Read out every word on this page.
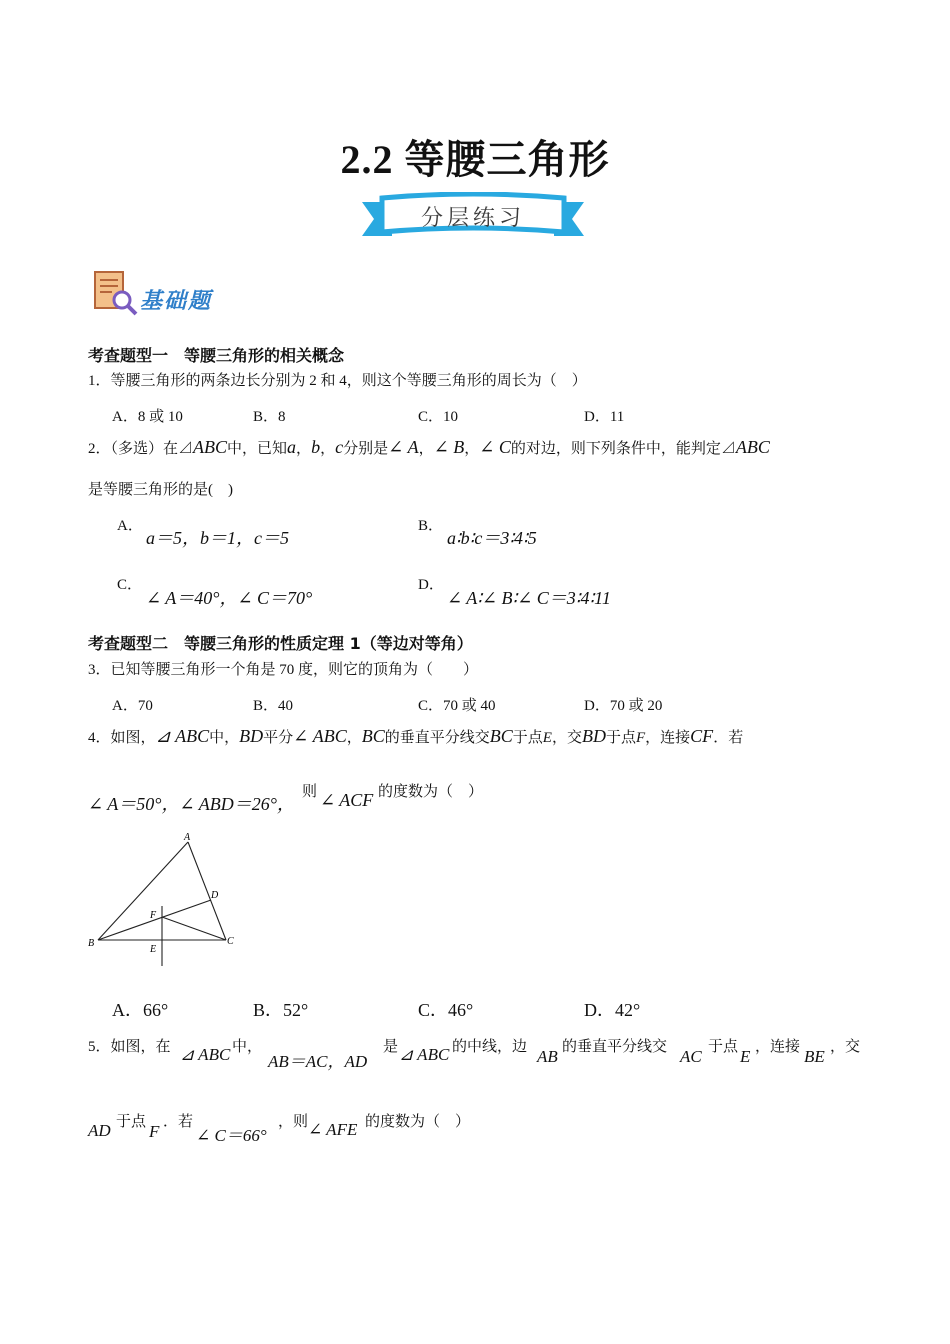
2.2 等腰三角形
分层练习
基础题
考查题型一　等腰三角形的相关概念
1．等腰三角形的两条边长分别为 2 和 4，则这个等腰三角形的周长为（　）
A．8 或 10	B．8	C．10	D．11
2．（多选）在⊿ABC中，已知a，b，c分别是∠ A，∠ B，∠ C的对边，则下列条件中，能判定⊿ABC
是等腰三角形的是(　)
A．
a＝5，b＝1，c＝5
B．
a∶b∶c＝3∶4∶5
C．
∠ A＝40°，∠ C＝70°
D．
∠ A∶∠ B∶∠ C＝3∶4∶11
考查题型二　等腰三角形的性质定理 1（等边对等角）
3．已知等腰三角形一个角是 70 度，则它的顶角为（　　）
A．70	B．40	C．70 或 40	D．70 或 20
4．如图，⊿ ABC中，BD平分∠ ABC，BC的垂直平分线交BC于点E，交BD于点F，连接CF．若
∠ A＝50°，∠ ABD＝26°，
则 ∠ ACF 的度数为（　）
A
B	C
D
E
F
A．66°	B．52°	C．46°	D．42°
5．如图，在 ⊿ ABC 中，
AB＝AC，AD
是 ⊿ ABC 的中线，边 AB 的垂直平分线交 AC 于点 E ，连接 BE ，交
AD 于点 F ．若
∠ C＝66°
，则 ∠ AFE 的度数为（　）
